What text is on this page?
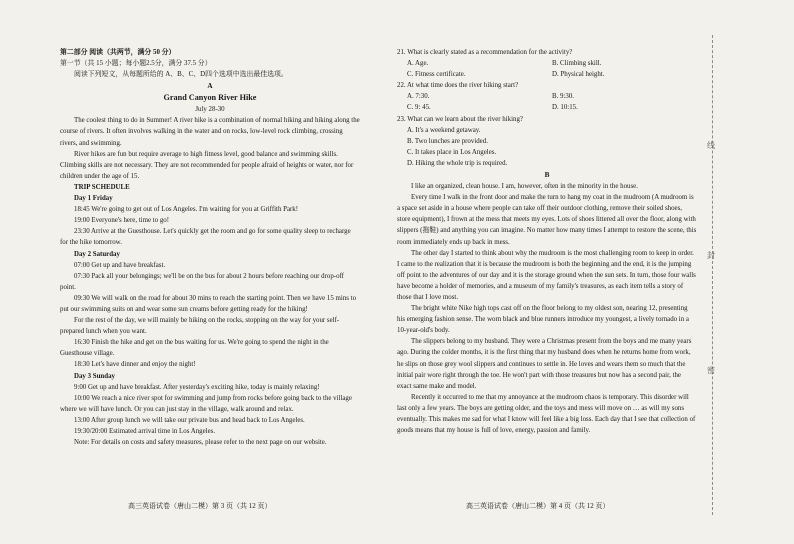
第二部分 阅读（共两节，满分 50 分）

第一节（共 15 小题；每小题2.5分，满分 37.5 分）

阅读下列短文，从每题所给的 A、B、C、D四个选项中选出最佳选项。

A

Grand Canyon River Hike

July 28-30

The coolest thing to do in Summer! A river hike is a combination of normal hiking and hiking along the course of rivers. It often involves walking in the water and on rocks, low-level rock climbing, crossing rivers, and swimming.

River hikes are fun but require average to high fitness level, good balance and swimming skills. Climbing skills are not necessary. They are not recommended for people afraid of heights or water, nor for children under the age of 15.

TRIP SCHEDULE

Day 1 Friday

18:45 We're going to get out of Los Angeles. I'm waiting for you at Griffith Park!

19:00 Everyone's here, time to go!

23:30 Arrive at the Guesthouse. Let's quickly get the room and go for some quality sleep to recharge for the hike tomorrow.

Day 2 Saturday

07:00 Get up and have breakfast.

07:30 Pack all your belongings; we'll be on the bus for about 2 hours before reaching our drop-off point.

09:30 We will walk on the road for about 30 mins to reach the starting point. Then we have 15 mins to put our swimming suits on and wear some sun creams before getting ready for the hiking!

For the rest of the day, we will mainly be hiking on the rocks, stopping on the way for your self-prepared lunch when you want.

16:30 Finish the hike and get on the bus waiting for us. We're going to spend the night in the Guesthouse village.

18:30 Let's have dinner and enjoy the night!

Day 3 Sunday

9:00 Get up and have breakfast. After yesterday's exciting hike, today is mainly relaxing!

10:00 We reach a nice river spot for swimming and jump from rocks before going back to the village where we will have lunch. Or you can just stay in the village, walk around and relax.

13:00 After group lunch we will take our private bus and head back to Los Angeles.

19:30/20:00 Estimated arrival time in Los Angeles.

Note: For details on costs and safety measures, please refer to the next page on our website.

21. What is clearly stated as a recommendation for the activity?

A. Age.	B. Climbing skill.
C. Fitness certificate.	D. Physical height.

22. At what time does the river hiking start?

A. 7:30.	B. 9:30.
C. 9: 45.	D. 10:15.

23. What can we learn about the river hiking?

A. It's a weekend getaway.

B. Two lunches are provided.

C. It takes place in Los Angeles.

D. Hiking the whole trip is required.

B

I like an organized, clean house. I am, however, often in the minority in the house.

Every time I walk in the front door and make the turn to hang my coat in the mudroom (A mudroom is a space set aside in a house where people can take off their outdoor clothing, remove their soiled shoes, store equipment), I frown at the mess that meets my eyes. Lots of shoes littered all over the floor, along with slippers (拖鞋) and anything you can imagine. No matter how many times I attempt to restore the scene, this room immediately ends up back in mess.

The other day I started to think about why the mudroom is the most challenging room to keep in order. I came to the realization that it is because the mudroom is both the beginning and the end, it is the jumping off point to the adventures of our day and it is the storage ground when the sun sets. In turn, those four walls have become a holder of memories, and a museum of my family's treasures, as each item tells a story of those that I love most.

The bright white Nike high tops cast off on the floor belong to my oldest son, nearing 12, presenting his emerging fashion sense. The worn black and blue runners introduce my youngest, a lively tornado in a 10-year-old's body.

The slippers belong to my husband. They were a Christmas present from the boys and me many years ago. During the colder months, it is the first thing that my husband does when he returns home from work, he slips on those grey wool slippers and continues to settle in. He loves and wears them so much that the initial pair wore right through the toe. He won't part with those treasures but now has a second pair, the exact same make and model.

Recently it occurred to me that my annoyance at the mudroom chaos is temporary. This disorder will last only a few years. The boys are getting older, and the toys and mess will move on … as will my sons eventually. This makes me sad for what I know will feel like a big loss. Each day that I see that collection of goods means that my house is full of love, energy, passion and family.

高三英语试卷（唐山二模）第 3 页（共 12 页）	高三英语试卷（唐山二模）第 4 页（共 12 页）
线
封
密
